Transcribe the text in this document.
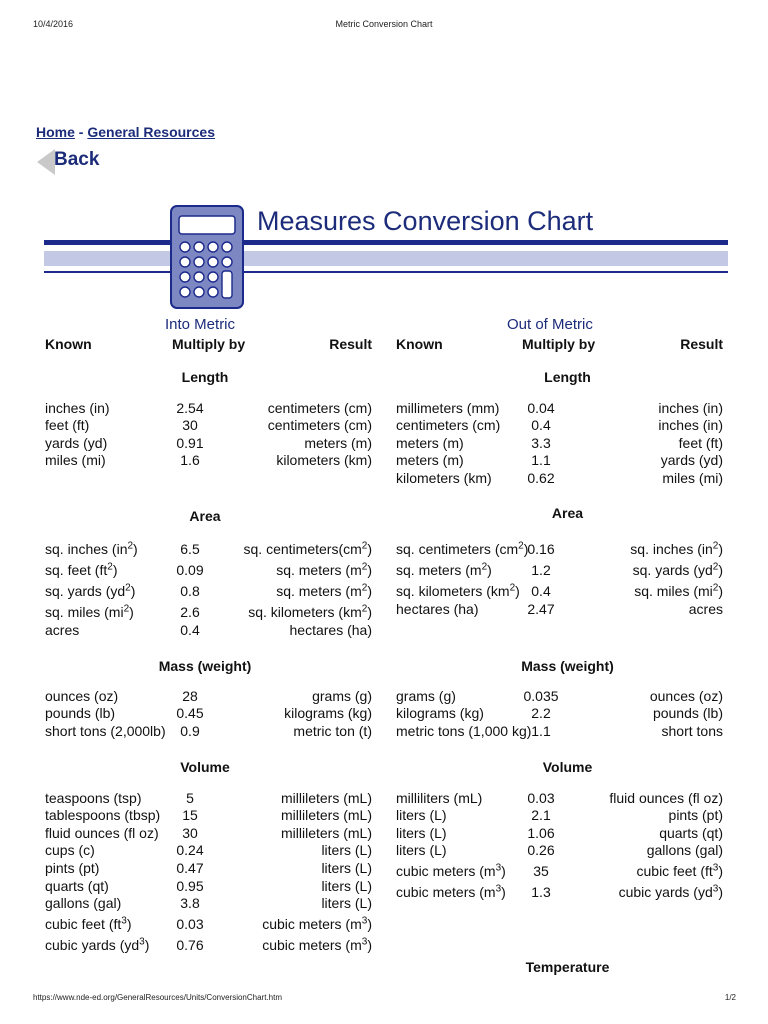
10/4/2016	Metric Conversion Chart
https://www.nde-ed.org/GeneralResources/Units/ConversionChart.htm	1/2
Home - General Resources
Back
Measures Conversion Chart
Into Metric
Known	Multiply by	Result
Length
inches (in)	2.54	centimeters (cm)
feet (ft)	30	centimeters (cm)
yards (yd)	0.91	meters (m)
miles (mi)	1.6	kilometers (km)
Area
sq. inches $(in^2)$	6.5	sq. $centimeters(cm^2)$
sq. feet $(ft^2)$	0.09	sq. meters $(m^2)$
sq. yards $(yd^2)$	0.8	sq. meters $(m^2)$
sq. miles $(mi^2)$	2.6	sq. kilometers $(km^2)$
acres	0.4	hectares (ha)
Mass (weight)
ounces (oz)	28	grams (g)
pounds (lb)	0.45	kilograms (kg)
short tons (2,000lb) 0.9	metric ton (t)
Volume
teaspoons (tsp)	5	millileters (mL)
tablespoons (tbsp) 15	millileters (mL)
fluid ounces (fl oz) 30	millileters (mL)
cups (c)	0.24	liters (L)
pints (pt)	0.47	liters (L)
quarts (qt)	0.95	liters (L)
gallons (gal)	3.8	liters (L)
cubic feet $(ft^3)$	0.03	cubic meters $(m^3)$
cubic yards $(yd^3)$ 0.76	cubic meters $(m^3)$
Out of Metric
Known	Multiply by	Result
Length
millimeters (mm) 0.04	inches (in)
centimeters (cm) 0.4	inches (in)
meters (m)	3.3	feet (ft)
meters (m)	1.1	yards (yd)
kilometers (km)	0.62	miles (mi)
Area
sq. centimeters $(cm^2)$ 0.16	sq. inches $(in^2)$
sq. meters $(m^2)$	1.2	sq. yards $(yd^2)$
sq. kilometers $(km^2)$ 0.4	sq. miles $(mi^2)$
hectares (ha)	2.47	acres
Mass (weight)
grams (g)	0.035	ounces (oz)
kilograms (kg)	2.2	pounds (lb)
metric tons (1,000 kg) 1.1	short tons
Volume
milliliters (mL)	0.03	fluid ounces (fl oz)
liters (L)	2.1	pints (pt)
liters (L)	1.06	quarts (qt)
liters (L)	0.26	gallons (gal)
cubic meters $(m^3)$ 35	cubic feet $(ft^3)$
cubic meters $(m^3)$ 1.3	cubic yards $(yd^3)$
Temperature
